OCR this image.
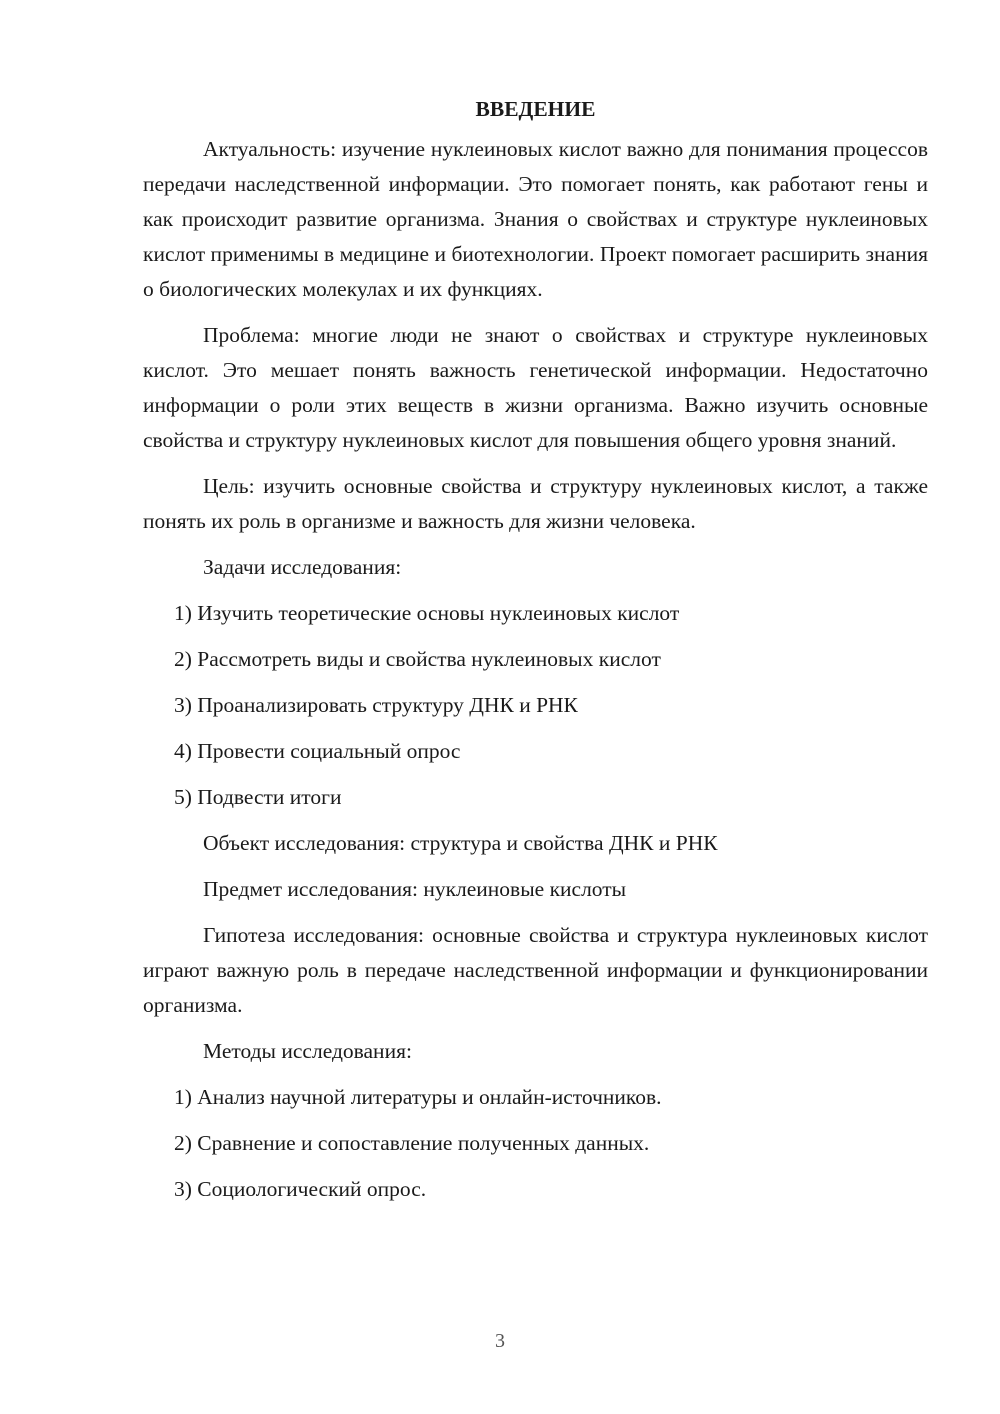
ВВЕДЕНИЕ

Актуальность: изучение нуклеиновых кислот важно для понимания процессов передачи наследственной информации. Это помогает понять, как работают гены и как происходит развитие организма. Знания о свойствах и структуре нуклеиновых кислот применимы в медицине и биотехнологии. Проект помогает расширить знания о биологических молекулах и их функциях.

Проблема: многие люди не знают о свойствах и структуре нуклеиновых кислот. Это мешает понять важность генетической информации. Недостаточно информации о роли этих веществ в жизни организма. Важно изучить основные свойства и структуру нуклеиновых кислот для повышения общего уровня знаний.

Цель: изучить основные свойства и структуру нуклеиновых кислот, а также понять их роль в организме и важность для жизни человека.

Задачи исследования:
1) Изучить теоретические основы нуклеиновых кислот
2) Рассмотреть виды и свойства нуклеиновых кислот
3) Проанализировать структуру ДНК и РНК
4) Провести социальный опрос
5) Подвести итоги
Объект исследования: структура и свойства ДНК и РНК
Предмет исследования: нуклеиновые кислоты

Гипотеза исследования: основные свойства и структура нуклеиновых кислот играют важную роль в передаче наследственной информации и функционировании организма.

Методы исследования:
1) Анализ научной литературы и онлайн-источников.
2) Сравнение и сопоставление полученных данных.
3) Социологический опрос.
3
